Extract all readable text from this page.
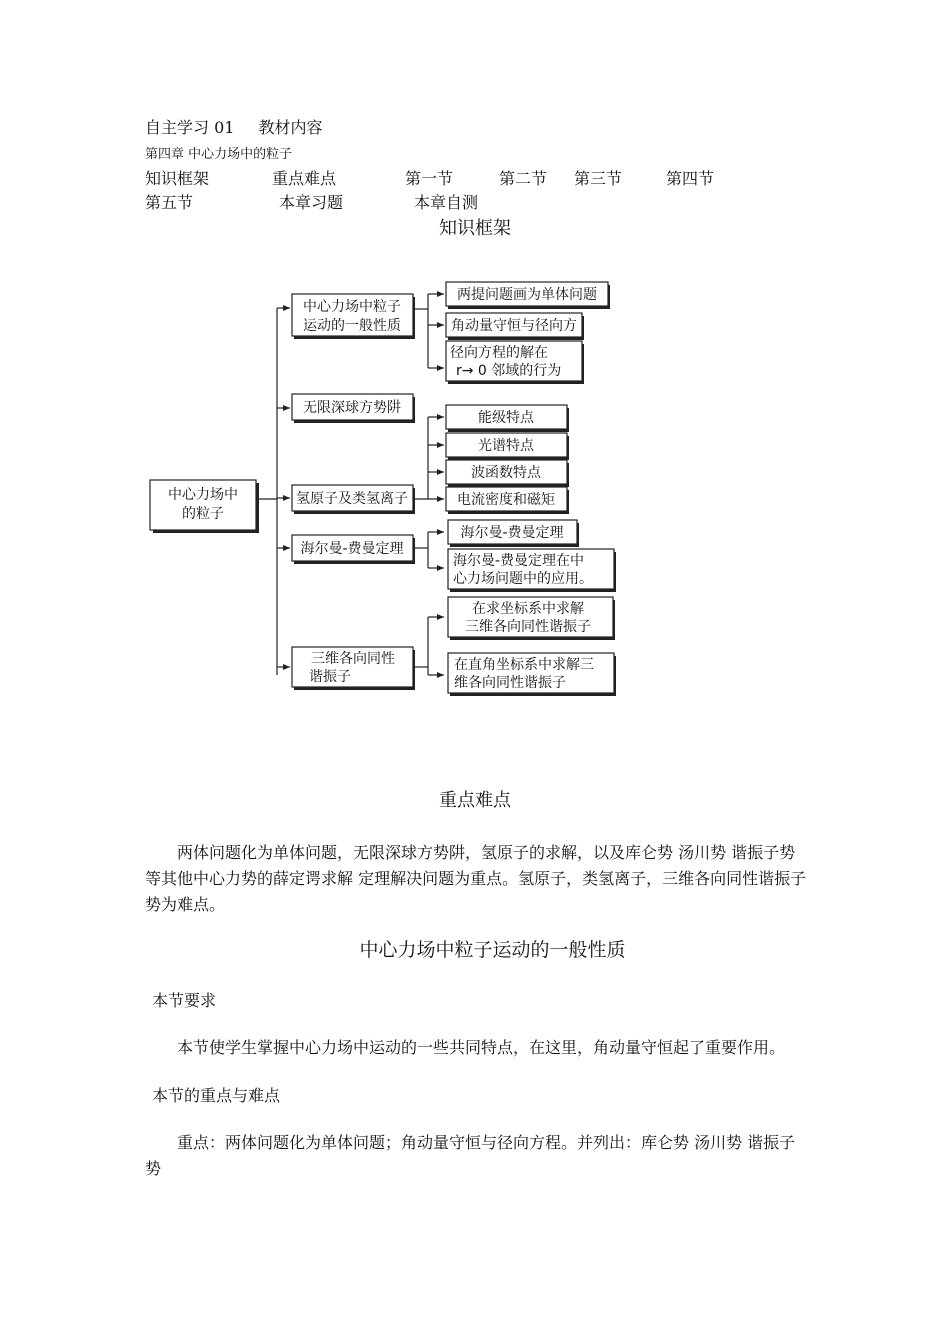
自主学习 01 教材内容
第四章 中心力场中的粒子
知识框架	重点难点	第一节	第二节 第三节	第四节
第五节	本章习题	本章自测
知识框架
中心力场中
的粒子
中心力场中粒子
运动的一般性质
两提问题画为单体问题
角动量守恒与径向方
径向方程的解在
r→ 0 邻域的行为
无限深球方势阱
氢原子及类氢离子
能级特点
光谱特点
波函数特点
电流密度和磁矩
海尔曼-费曼定理
海尔曼-费曼定理
海尔曼-费曼定理在中
心力场问题中的应用。
三维各向同性
谐振子
在求坐标系中求解
三维各向同性谐振子
在直角坐标系中求解三
维各向同性谐振子
重点难点
两体问题化为单体问题，无限深球方势阱，氢原子的求解，以及库仑势 汤川势 谐振子势等其他中心力势的薛定谔求解 定理解决问题为重点。氢原子，类氢离子，三维各向同性谐振子势为难点。
中心力场中粒子运动的一般性质
本节要求
本节使学生掌握中心力场中运动的一些共同特点，在这里，角动量守恒起了重要作用。
本节的重点与难点
重点：两体问题化为单体问题；角动量守恒与径向方程。并列出：库仑势 汤川势 谐振子势
